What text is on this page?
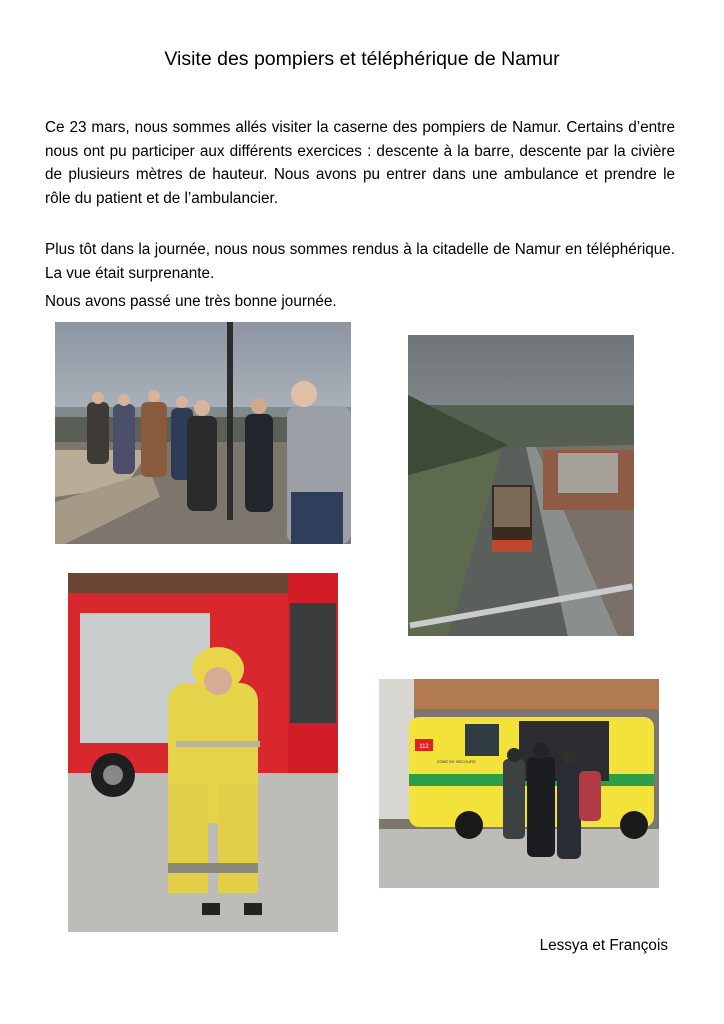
Visite des pompiers et téléphérique de Namur

Ce 23 mars, nous sommes allés visiter la caserne des pompiers de Namur. Certains d’entre nous ont pu participer aux différents exercices : descente à la barre, descente par la civière de plusieurs mètres de hauteur. Nous avons pu entrer dans une ambulance et prendre le rôle du patient et de l’ambulancier.

Plus tôt dans la journée, nous nous sommes rendus à la citadelle de Namur en téléphérique. La vue était surprenante.

Nous avons passé une très bonne journée.

112
ZONE DE SECOURS
Lessya et François
